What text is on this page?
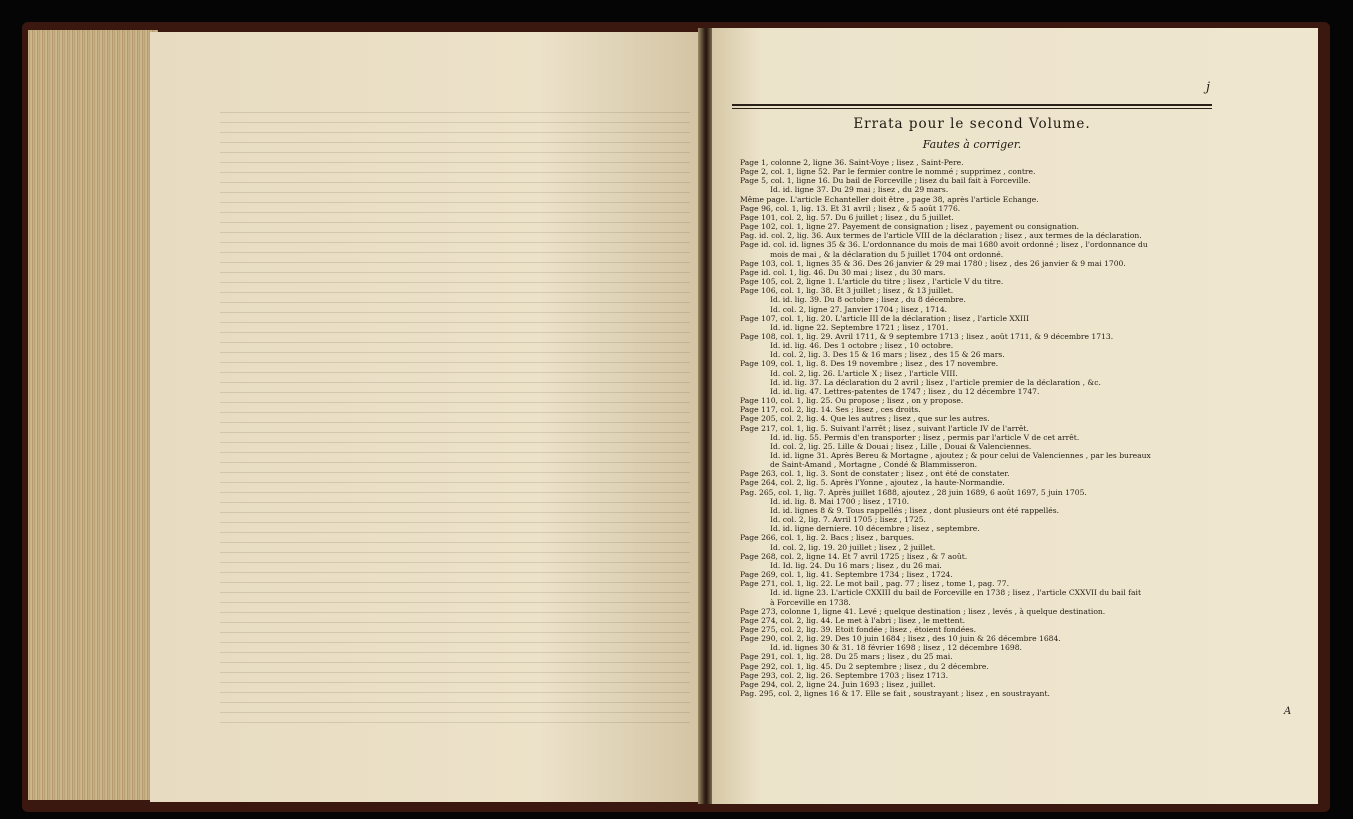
j
Errata pour le second Volume.
Fautes à corriger.
Page 1, colonne 2, ligne 36. Saint-Voye ; lisez , Saint-Pere.
Page 2, col. 1, ligne 52. Par le fermier contre le nommé ; supprimez , contre.
Page 5, col. 1, ligne 16. Du bail de Forceville ; lisez du bail fait à Forceville.
Id. id. ligne 37. Du 29 mai ; lisez , du 29 mars.
Même page. L'article Echanteller doit être , page 38, après l'article Echange.
Page 96, col. 1, lig. 13. Et 31 avril ; lisez , & 5 août 1776.
Page 101, col. 2, lig. 57. Du 6 juillet ; lisez , du 5 juillet.
Page 102, col. 1, ligne 27. Payement de consignation ; lisez , payement ou consignation.
Pag. id. col. 2, lig. 36. Aux termes de l'article VIII de la déclaration ; lisez , aux termes de la déclaration.
Page id. col. id. lignes 35 & 36. L'ordonnance du mois de mai 1680 avoit ordonné ; lisez , l'ordonnance du
mois de mai , & la déclaration du 5 juillet 1704 ont ordonné.
Page 103, col. 1, lignes 35 & 36. Des 26 janvier & 29 mai 1780 ; lisez , des 26 janvier & 9 mai 1700.
Page id. col. 1, lig. 46. Du 30 mai ; lisez , du 30 mars.
Page 105, col. 2, ligne 1. L'article du titre ; lisez , l'article V du titre.
Page 106, col. 1, lig. 38. Et 3 juillet ; lisez , & 13 juillet.
Id. id. lig. 39. Du 8 octobre ; lisez , du 8 décembre.
Id. col. 2, ligne 27. Janvier 1704 ; lisez , 1714.
Page 107, col. 1, lig. 20. L'article III de la déclaration ; lisez , l'article XXIII
Id. id. ligne 22. Septembre 1721 ; lisez , 1701.
Page 108, col. 1, lig. 29. Avril 1711, & 9 septembre 1713 ; lisez , août 1711, & 9 décembre 1713.
Id. id. lig. 46. Des 1 octobre ; lisez , 10 octobre.
Id. col. 2, lig. 3. Des 15 & 16 mars ; lisez , des 15 & 26 mars.
Page 109, col. 1, lig. 8. Des 19 novembre ; lisez , des 17 novembre.
Id. col. 2, lig. 26. L'article X ; lisez , l'article VIII.
Id. id. lig. 37. La déclaration du 2 avril ; lisez , l'article premier de la déclaration , &c.
Id. id. lig. 47. Lettres-patentes de 1747 ; lisez , du 12 décembre 1747.
Page 110, col. 1, lig. 25. Ou propose ; lisez , on y propose.
Page 117, col. 2, lig. 14. Ses ; lisez , ces droits.
Page 205, col. 2, lig. 4. Que les autres ; lisez , que sur les autres.
Page 217, col. 1, lig. 5. Suivant l'arrêt ; lisez , suivant l'article IV de l'arrêt.
Id. id. lig. 55. Permis d'en transporter ; lisez , permis par l'article V de cet arrêt.
Id. col. 2, lig. 25. Lille & Douai ; lisez , Lille , Douai & Valenciennes.
Id. id. ligne 31. Après Bereu & Mortagne , ajoutez ; & pour celui de Valenciennes , par les bureaux
de Saint-Amand , Mortagne , Condé & Blammisseron.
Page 263, col. 1, lig. 3. Sont de constater ; lisez , ont été de constater.
Page 264, col. 2, lig. 5. Après l'Yonne , ajoutez , la haute-Normandie.
Pag. 265, col. 1, lig. 7. Après juillet 1688, ajoutez , 28 juin 1689, 6 août 1697, 5 juin 1705.
Id. id. lig. 8. Mai 1700 ; lisez , 1710.
Id. id. lignes 8 & 9. Tous rappellés ; lisez , dont plusieurs ont été rappellés.
Id. col. 2, lig. 7. Avril 1705 ; lisez , 1725.
Id. id. ligne derniere. 10 décembre ; lisez , septembre.
Page 266, col. 1, lig. 2. Bacs ; lisez , barques.
Id. col. 2, lig. 19. 20 juillet ; lisez , 2 juillet.
Page 268, col. 2, ligne 14. Et 7 avril 1725 ; lisez , & 7 août.
Id. Id. lig. 24. Du 16 mars ; lisez , du 26 mai.
Page 269, col. 1, lig. 41. Septembre 1734 ; lisez , 1724.
Page 271, col. 1, lig. 22. Le mot bail , pag. 77 ; lisez , tome 1, pag. 77.
Id. id. ligne 23. L'article CXXIII du bail de Forceville en 1738 ; lisez , l'article CXXVII du bail fait
à Forceville en 1738.
Page 273, colonne 1, ligne 41. Levé ; quelque destination ; lisez , levés , à quelque destination.
Page 274, col. 2, lig. 44. Le met à l'abri ; lisez , le mettent.
Page 275, col. 2, lig. 39. Etoit fondée ; lisez , étoient fondées.
Page 290, col. 2, lig. 29. Des 10 juin 1684 ; lisez , des 10 juin & 26 décembre 1684.
Id. id. lignes 30 & 31. 18 février 1698 ; lisez , 12 décembre 1698.
Page 291, col. 1, lig. 28. Du 25 mars ; lisez , du 25 mai.
Page 292, col. 1, lig. 45. Du 2 septembre ; lisez , du 2 décembre.
Page 293, col. 2, lig. 26. Septembre 1703 ; lisez 1713.
Page 294, col. 2, ligne 24. Juin 1693 ; lisez , juillet.
Pag. 295, col. 2, lignes 16 & 17. Elle se fait , soustrayant ; lisez , en soustrayant.
A
